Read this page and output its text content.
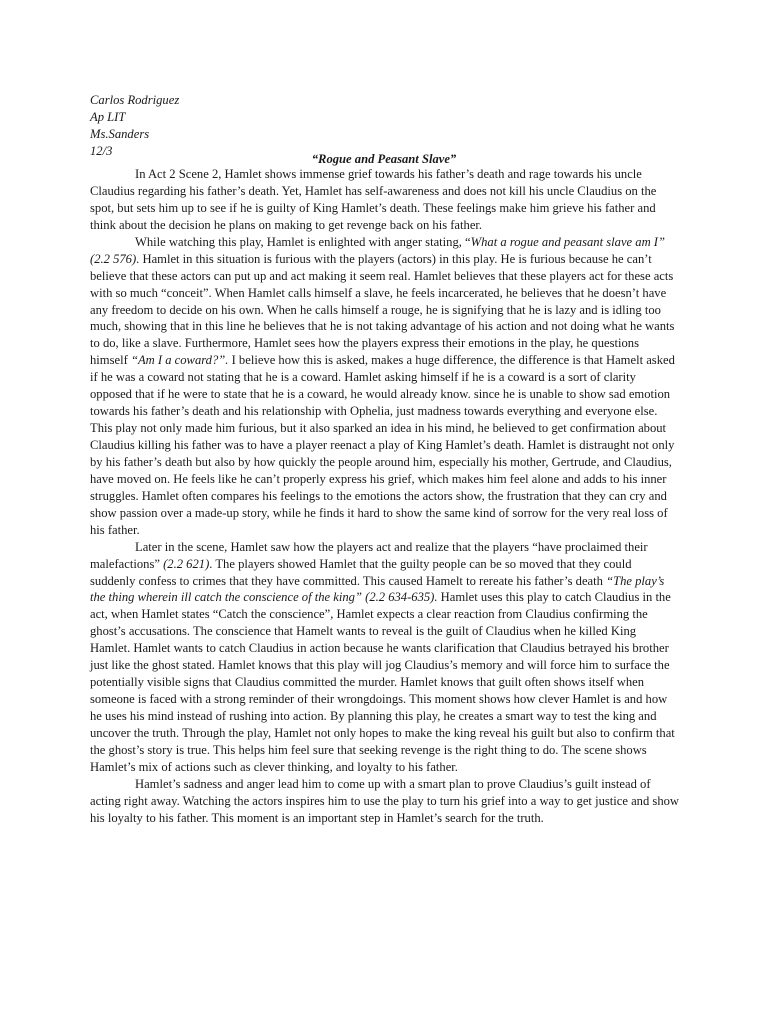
Carlos Rodriguez
Ap LIT
Ms.Sanders
12/3
“Rogue and Peasant Slave”
In Act 2 Scene 2, Hamlet shows immense grief towards his father’s death and rage towards his uncle
Claudius regarding his father’s death. Yet, Hamlet has self-awareness and does not kill his uncle Claudius on the
spot, but sets him up to see if he is guilty of King Hamlet’s death. These feelings make him grieve his father and
think about the decision he plans on making to get revenge back on his father.
While watching this play, Hamlet is enlighted with anger stating, “What a rogue and peasant slave am I”
(2.2 576). Hamlet in this situation is furious with the players (actors) in this play. He is furious because he can’t
believe that these actors can put up and act making it seem real. Hamlet believes that these players act for these acts
with so much “conceit”. When Hamlet calls himself a slave, he feels incarcerated, he believes that he doesn’t have
any freedom to decide on his own. When he calls himself a rouge, he is signifying that he is lazy and is idling too
much, showing that in this line he believes that he is not taking advantage of his action and not doing what he wants
to do, like a slave. Furthermore, Hamlet sees how the players express their emotions in the play, he questions
himself “Am I a coward?”. I believe how this is asked, makes a huge difference, the difference is that Hamelt asked
if he was a coward not stating that he is a coward. Hamlet asking himself if he is a coward is a sort of clarity
opposed that if he were to state that he is a coward, he would already know. since he is unable to show sad emotion
towards his father’s death and his relationship with Ophelia, just madness towards everything and everyone else.
This play not only made him furious, but it also sparked an idea in his mind, he believed to get confirmation about
Claudius killing his father was to have a player reenact a play of King Hamlet’s death. Hamlet is distraught not only
by his father’s death but also by how quickly the people around him, especially his mother, Gertrude, and Claudius,
have moved on. He feels like he can’t properly express his grief, which makes him feel alone and adds to his inner
struggles. Hamlet often compares his feelings to the emotions the actors show, the frustration that they can cry and
show passion over a made-up story, while he finds it hard to show the same kind of sorrow for the very real loss of
his father.
Later in the scene, Hamlet saw how the players act and realize that the players “have proclaimed their
malefactions” (2.2 621). The players showed Hamlet that the guilty people can be so moved that they could
suddenly confess to crimes that they have committed. This caused Hamelt to rereate his father’s death “The play’s
the thing wherein ill catch the conscience of the king” (2.2 634-635). Hamlet uses this play to catch Claudius in the
act, when Hamlet states “Catch the conscience”, Hamlet expects a clear reaction from Claudius confirming the
ghost’s accusations. The conscience that Hamelt wants to reveal is the guilt of Claudius when he killed King
Hamlet. Hamlet wants to catch Claudius in action because he wants clarification that Claudius betrayed his brother
just like the ghost stated. Hamlet knows that this play will jog Claudius’s memory and will force him to surface the
potentially visible signs that Claudius committed the murder. Hamlet knows that guilt often shows itself when
someone is faced with a strong reminder of their wrongdoings. This moment shows how clever Hamlet is and how
he uses his mind instead of rushing into action. By planning this play, he creates a smart way to test the king and
uncover the truth. Through the play, Hamlet not only hopes to make the king reveal his guilt but also to confirm that
the ghost’s story is true. This helps him feel sure that seeking revenge is the right thing to do. The scene shows
Hamlet’s mix of actions such as clever thinking, and loyalty to his father.
Hamlet’s sadness and anger lead him to come up with a smart plan to prove Claudius’s guilt instead of
acting right away. Watching the actors inspires him to use the play to turn his grief into a way to get justice and show
his loyalty to his father. This moment is an important step in Hamlet’s search for the truth.
